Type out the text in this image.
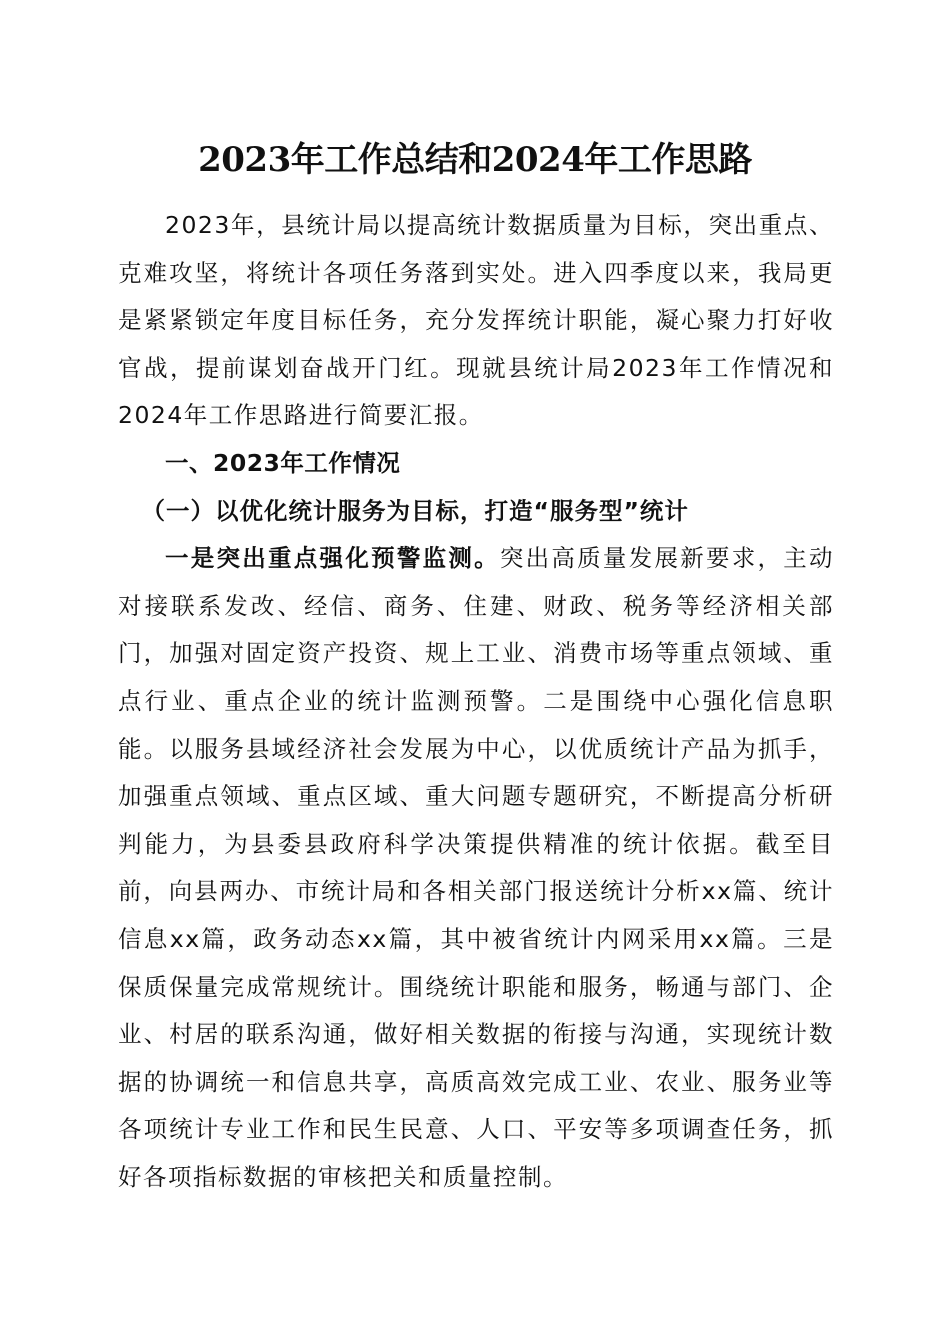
2023年工作总结和2024年工作思路

2023年，县统计局以提高统计数据质量为目标，突出重点、克难攻坚，将统计各项任务落到实处。进入四季度以来，我局更是紧紧锁定年度目标任务，充分发挥统计职能，凝心聚力打好收官战，提前谋划奋战开门红。现就县统计局2023年工作情况和2024年工作思路进行简要汇报。

一、2023年工作情况

（一）以优化统计服务为目标，打造“服务型”统计

一是突出重点强化预警监测。突出高质量发展新要求，主动对接联系发改、经信、商务、住建、财政、税务等经济相关部门，加强对固定资产投资、规上工业、消费市场等重点领域、重点行业、重点企业的统计监测预警。二是围绕中心强化信息职能。以服务县域经济社会发展为中心，以优质统计产品为抓手，加强重点领域、重点区域、重大问题专题研究，不断提高分析研判能力，为县委县政府科学决策提供精准的统计依据。截至目前，向县两办、市统计局和各相关部门报送统计分析xx篇、统计信息xx篇，政务动态xx篇，其中被省统计内网采用xx篇。三是保质保量完成常规统计。围绕统计职能和服务，畅通与部门、企业、村居的联系沟通，做好相关数据的衔接与沟通，实现统计数据的协调统一和信息共享，高质高效完成工业、农业、服务业等各项统计专业工作和民生民意、人口、平安等多项调查任务，抓好各项指标数据的审核把关和质量控制。
